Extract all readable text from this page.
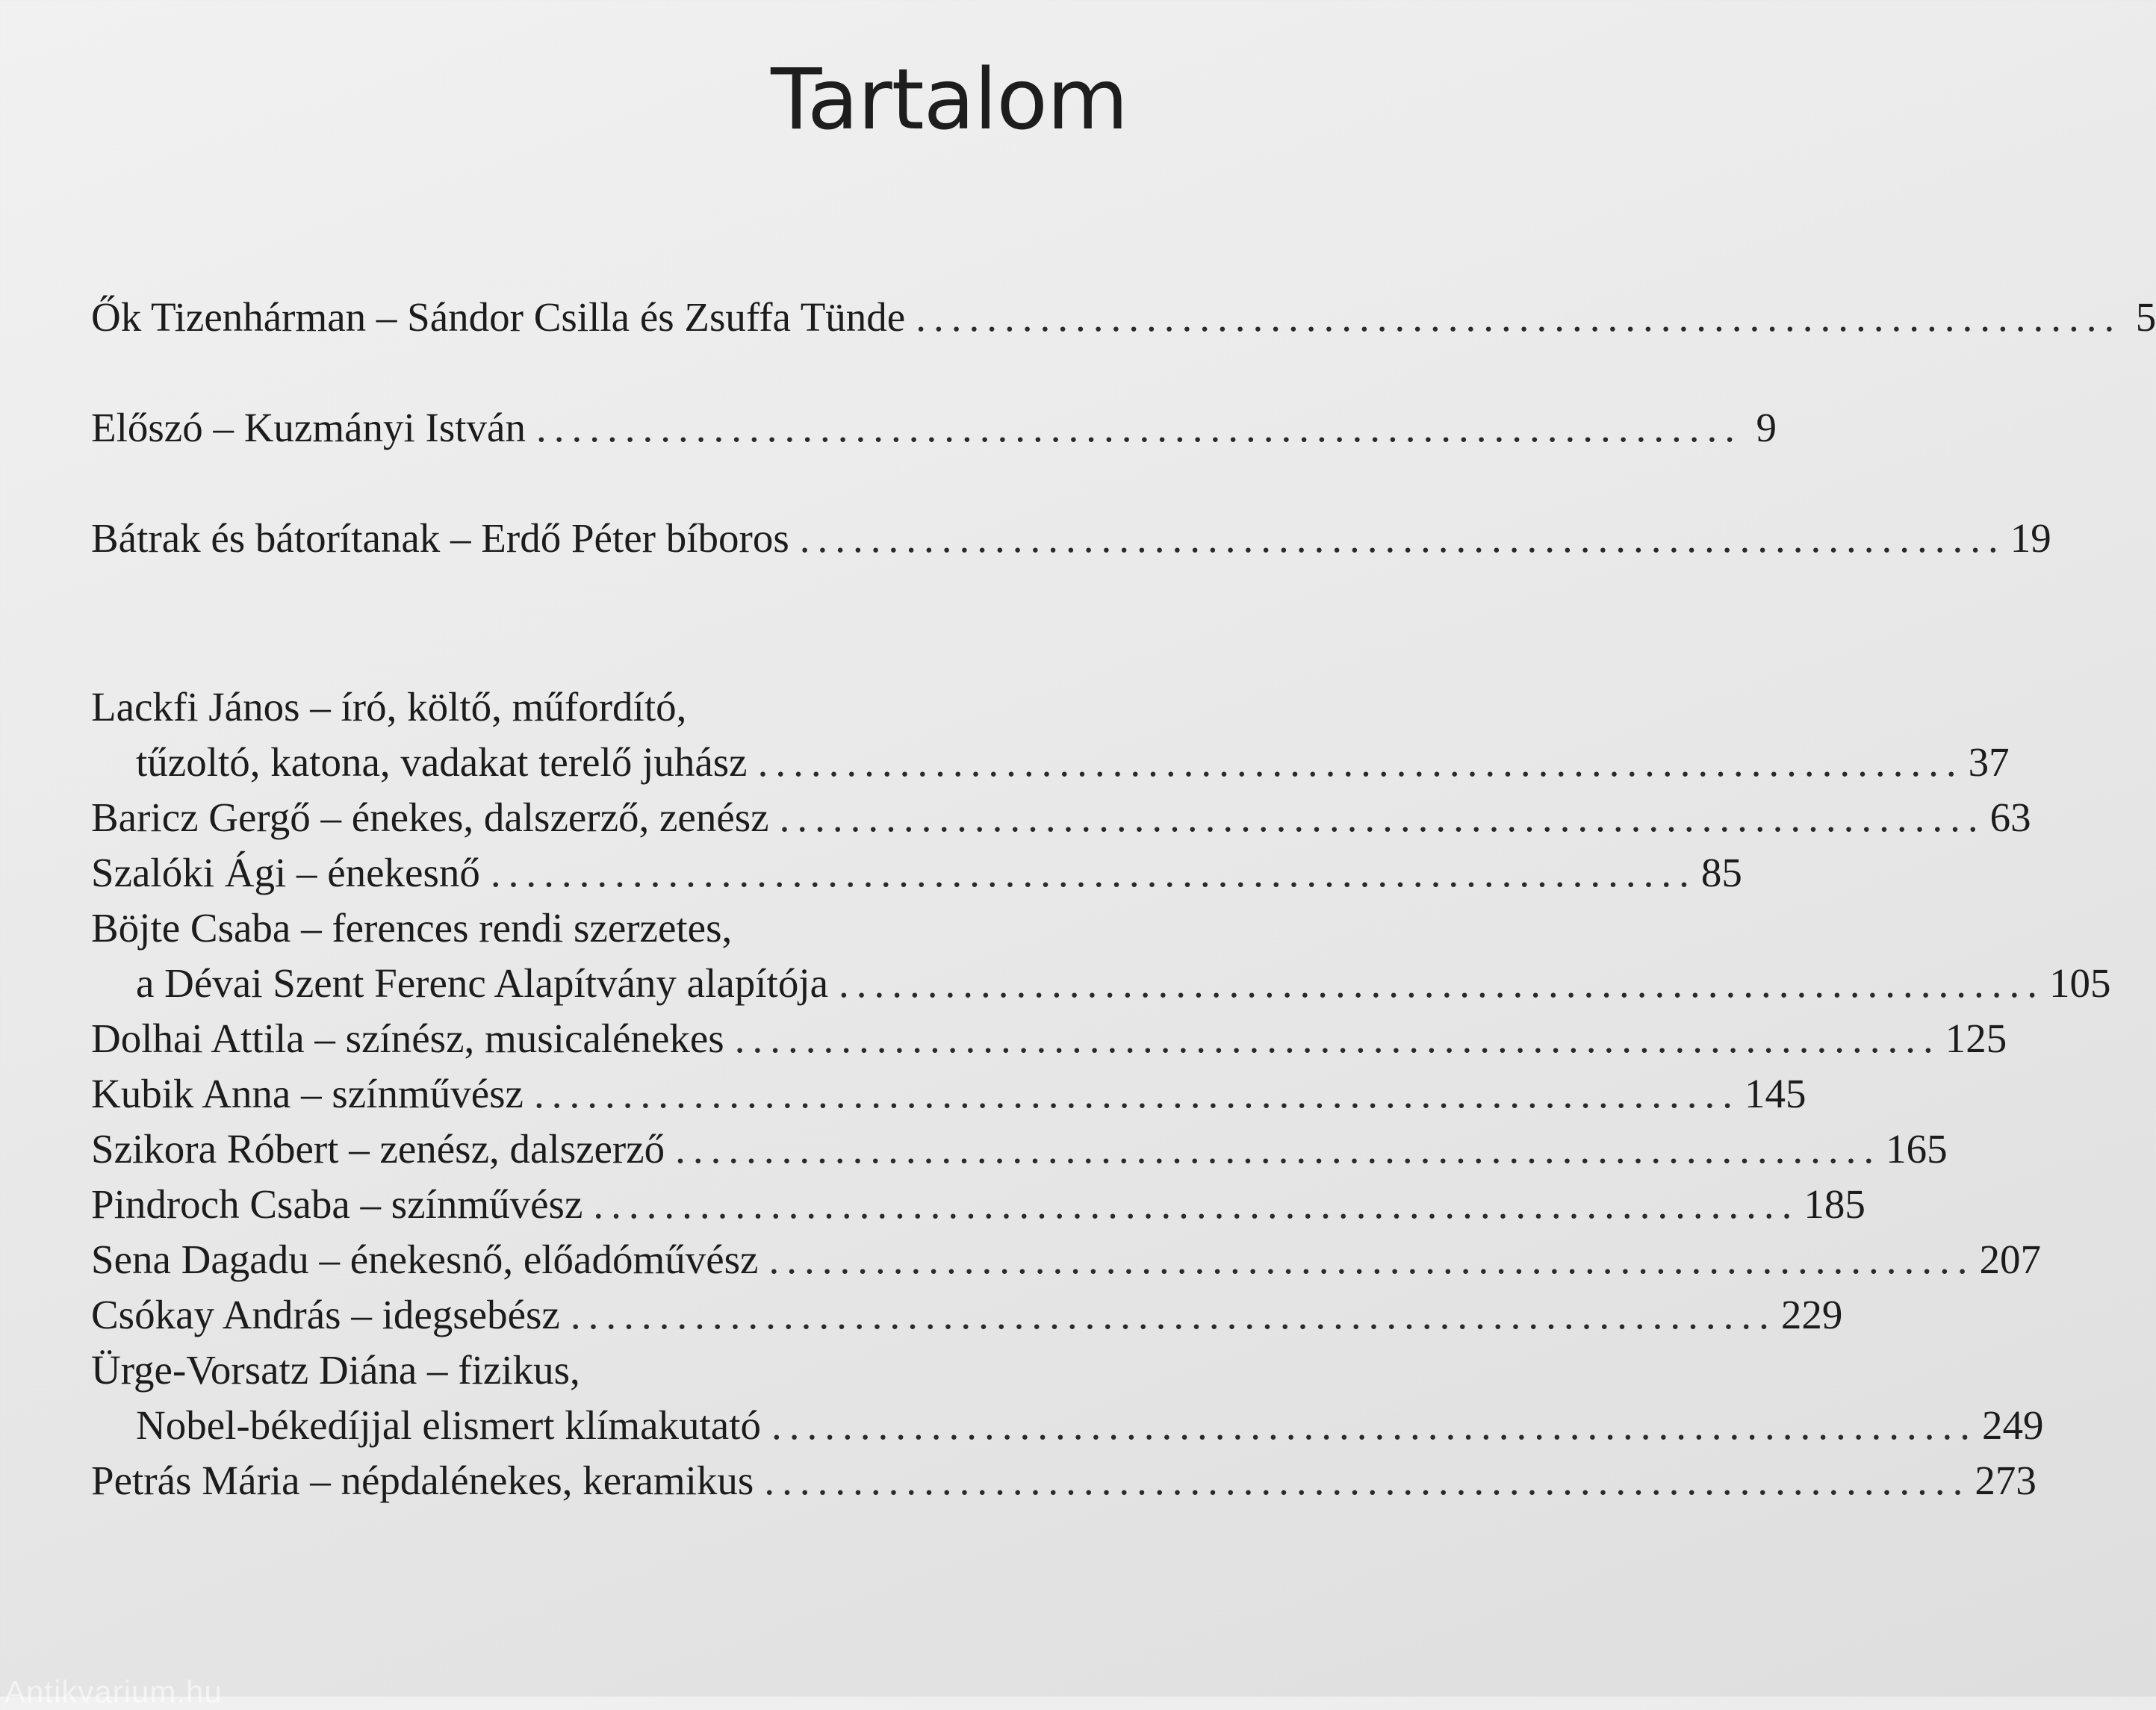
Tartalom
Ők Tizenhárman – Sándor Csilla és Zsuffa Tünde .................................................................... 5
Előszó – Kuzmányi István .................................................................... 9
Bátrak és bátorítanak – Erdő Péter bíboros .................................................................... 19
Lackfi János – író, költő, műfordító,
tűzoltó, katona, vadakat terelő juhász .................................................................... 37
Baricz Gergő – énekes, dalszerző, zenész .................................................................... 63
Szalóki Ági – énekesnő .................................................................... 85
Böjte Csaba – ferences rendi szerzetes,
a Dévai Szent Ferenc Alapítvány alapítója .................................................................... 105
Dolhai Attila – színész, musicalénekes .................................................................... 125
Kubik Anna – színművész .................................................................... 145
Szikora Róbert – zenész, dalszerző .................................................................... 165
Pindroch Csaba – színművész .................................................................... 185
Sena Dagadu – énekesnő, előadóművész .................................................................... 207
Csókay András – idegsebész .................................................................... 229
Ürge-Vorsatz Diána – fizikus,
Nobel-békedíjjal elismert klímakutató .................................................................... 249
Petrás Mária – népdalénekes, keramikus .................................................................... 273
Antikvarium.hu
